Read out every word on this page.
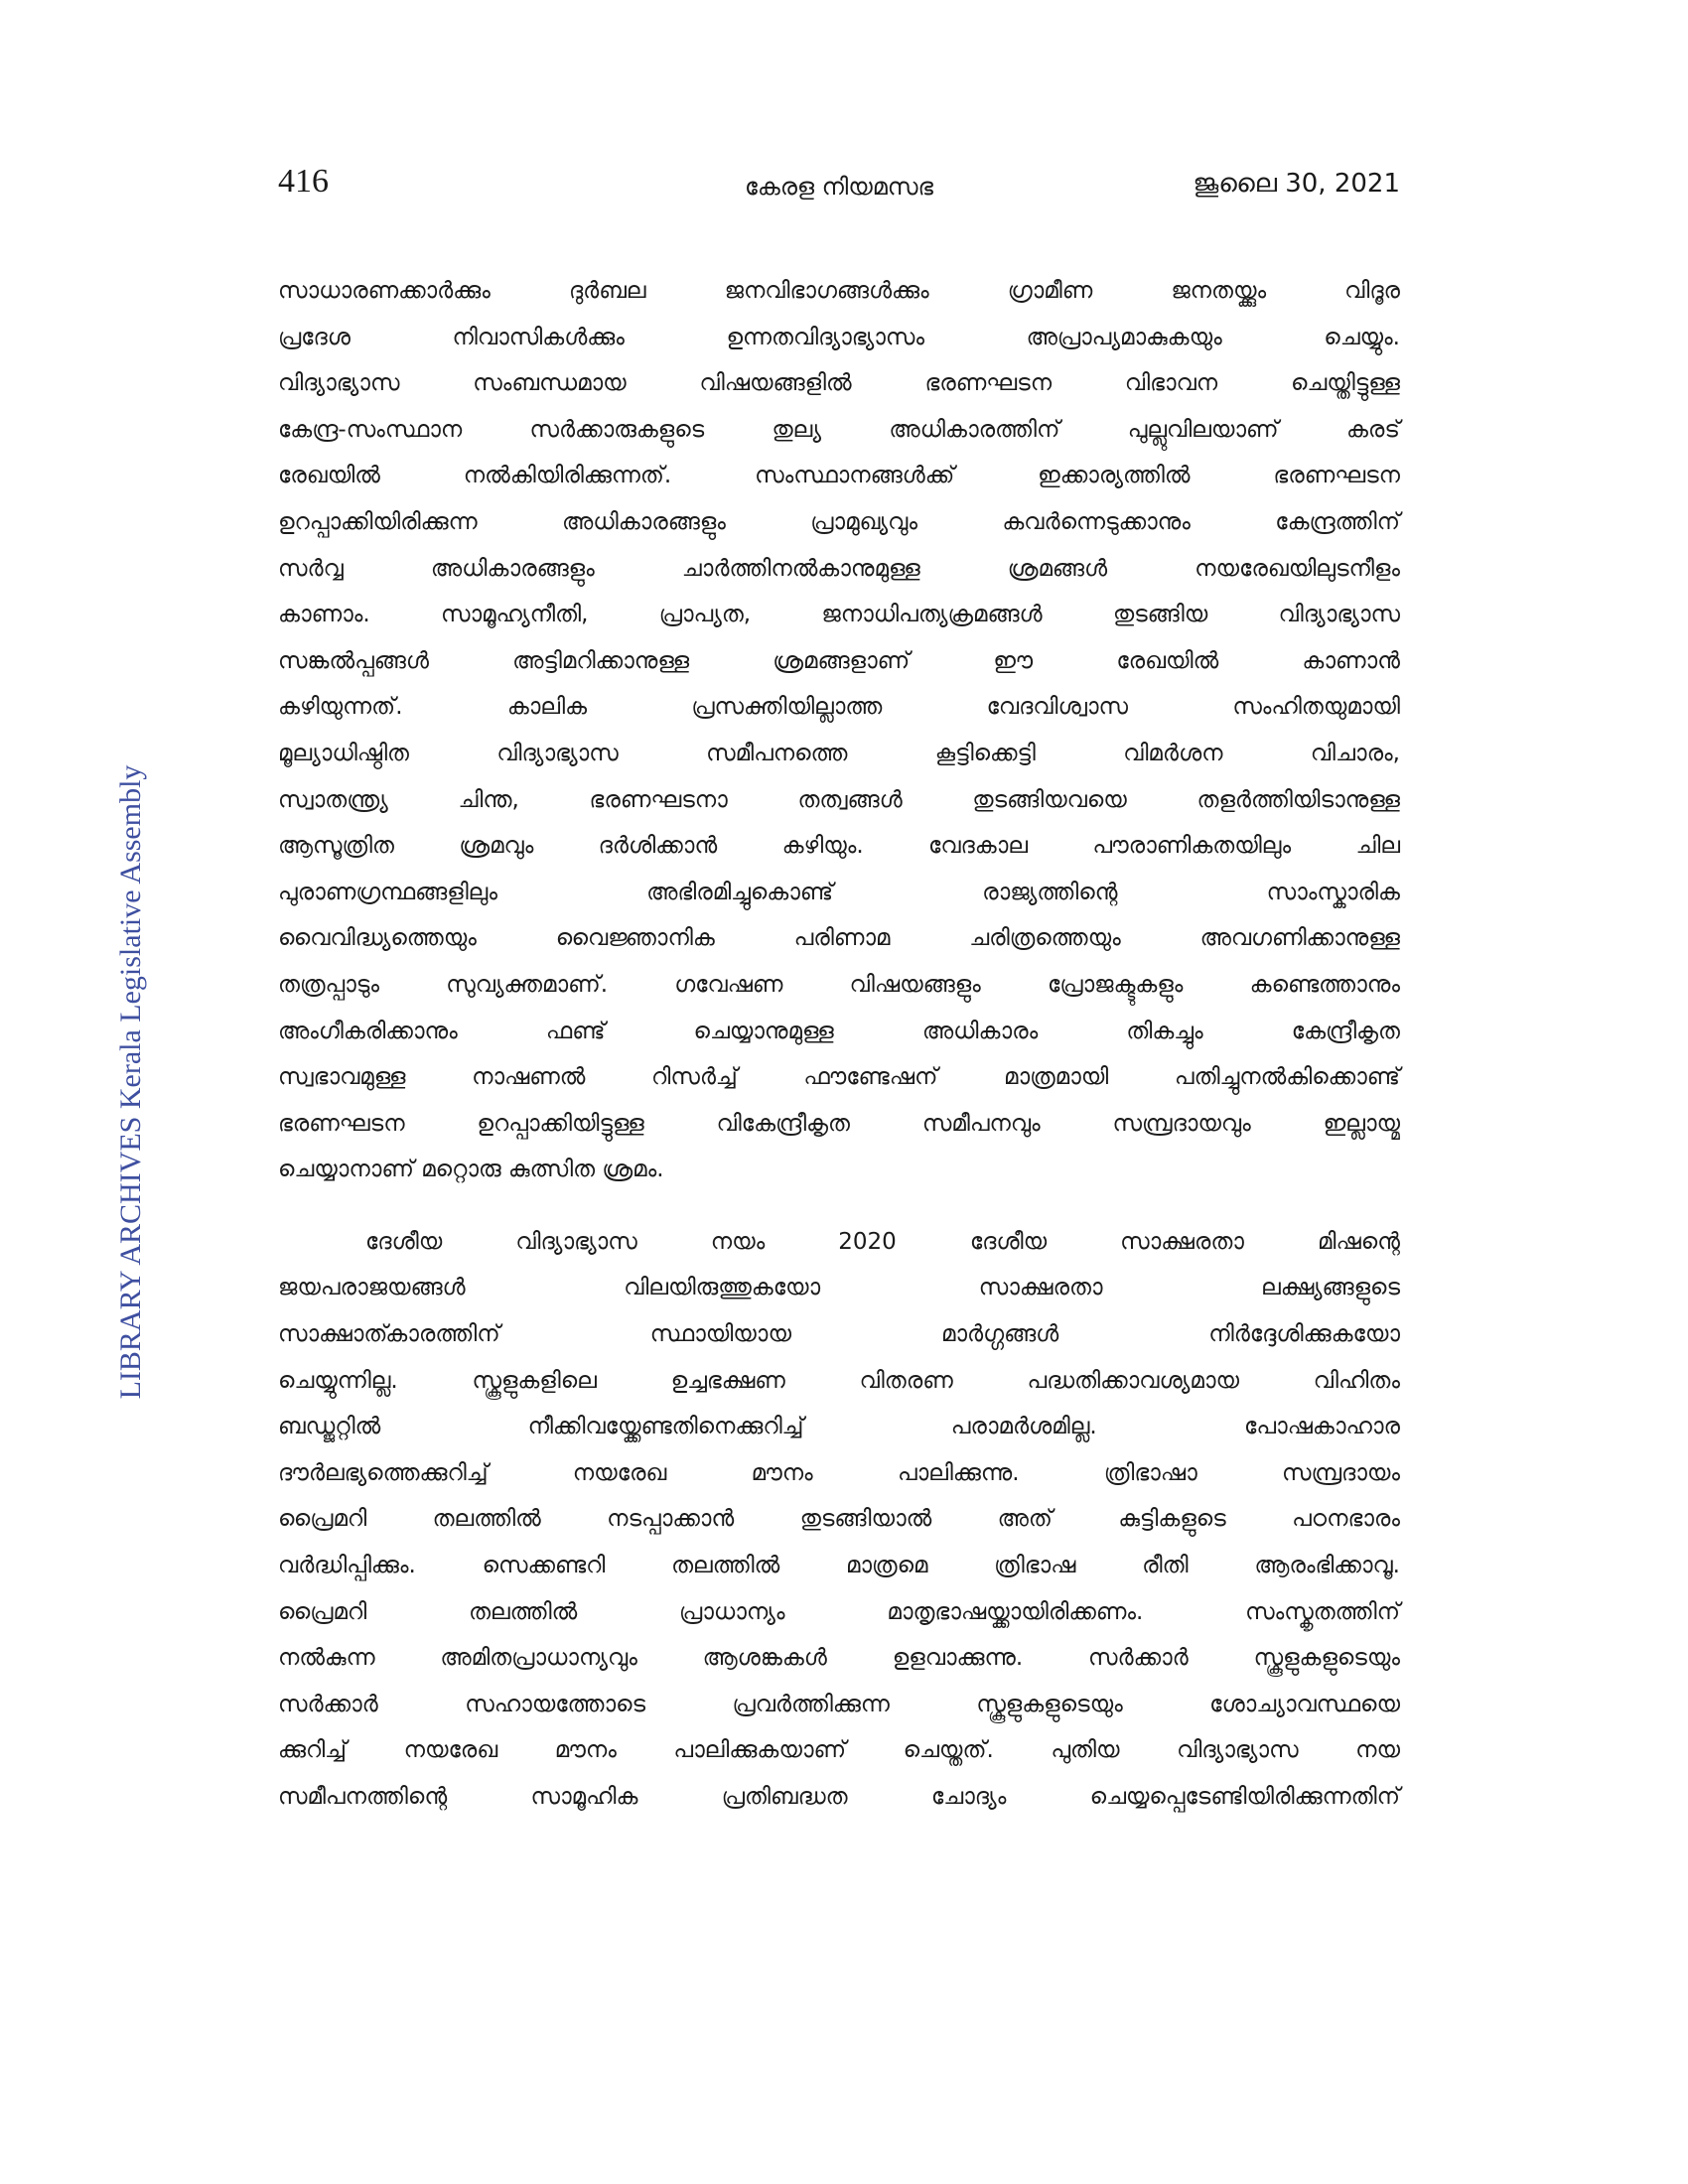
416	കേരള നിയമസഭ	ജൂലൈ 30, 2021
LIBRARY ARCHIVES Kerala Legislative Assembly
സാധാരണക്കാർക്കും ദുർബല ജനവിഭാഗങ്ങൾക്കും ഗ്രാമീണ ജനതയ്ക്കും വിദൂര
പ്രദേശ നിവാസികൾക്കും ഉന്നതവിദ്യാഭ്യാസം അപ്രാപ്യമാകുകയും ചെയ്യും.
വിദ്യാഭ്യാസ സംബന്ധമായ വിഷയങ്ങളിൽ ഭരണഘടന വിഭാവന ചെയ്തിട്ടുള്ള
കേന്ദ്ര-സംസ്ഥാന സർക്കാരുകളുടെ തുല്യ അധികാരത്തിന് പുല്ലുവിലയാണ് കരട്
രേഖയിൽ നൽകിയിരിക്കുന്നത്. സംസ്ഥാനങ്ങൾക്ക് ഇക്കാര്യത്തിൽ ഭരണഘടന
ഉറപ്പാക്കിയിരിക്കുന്ന അധികാരങ്ങളും പ്രാമുഖ്യവും കവർന്നെടുക്കാനും കേന്ദ്രത്തിന്
സർവ്വ അധികാരങ്ങളും ചാർത്തിനൽകാനുമുള്ള ശ്രമങ്ങൾ നയരേഖയിലുടനീളം
കാണാം. സാമൂഹ്യനീതി, പ്രാപ്യത, ജനാധിപത്യക്രമങ്ങൾ തുടങ്ങിയ വിദ്യാഭ്യാസ
സങ്കൽപ്പങ്ങൾ അട്ടിമറിക്കാനുള്ള ശ്രമങ്ങളാണ് ഈ രേഖയിൽ കാണാൻ
കഴിയുന്നത്. കാലിക പ്രസക്തിയില്ലാത്ത വേദവിശ്വാസ സംഹിതയുമായി
മൂല്യാധിഷ്ഠിത വിദ്യാഭ്യാസ സമീപനത്തെ കൂട്ടിക്കെട്ടി വിമർശന വിചാരം,
സ്വാതന്ത്ര്യ ചിന്ത, ഭരണഘടനാ തത്വങ്ങൾ തുടങ്ങിയവയെ തളർത്തിയിടാനുള്ള
ആസൂത്രിത ശ്രമവും ദർശിക്കാൻ കഴിയും. വേദകാല പൗരാണികതയിലും ചില
പുരാണഗ്രന്ഥങ്ങളിലും അഭിരമിച്ചുകൊണ്ട് രാജ്യത്തിന്റെ സാംസ്കാരിക
വൈവിദ്ധ്യത്തെയും വൈജ്ഞാനിക പരിണാമ ചരിത്രത്തെയും അവഗണിക്കാനുള്ള
തത്രപ്പാടും സുവ്യക്തമാണ്. ഗവേഷണ വിഷയങ്ങളും പ്രോജക്ടുകളും കണ്ടെത്താനും
അംഗീകരിക്കാനും ഫണ്ട് ചെയ്യാനുമുള്ള അധികാരം തികച്ചും കേന്ദ്രീകൃത
സ്വഭാവമുള്ള നാഷണൽ റിസർച്ച് ഫൗണ്ടേഷന് മാത്രമായി പതിച്ചുനൽകിക്കൊണ്ട്
ഭരണഘടന ഉറപ്പാക്കിയിട്ടുള്ള വികേന്ദ്രീകൃത സമീപനവും സമ്പ്രദായവും ഇല്ലായ്മ
ചെയ്യാനാണ് മറ്റൊരു കുത്സിത ശ്രമം.
ദേശീയ വിദ്യാഭ്യാസ നയം 2020 ദേശീയ സാക്ഷരതാ മിഷന്റെ
ജയപരാജയങ്ങൾ വിലയിരുത്തുകയോ സാക്ഷരതാ ലക്ഷ്യങ്ങളുടെ
സാക്ഷാത്കാരത്തിന് സ്ഥായിയായ മാർഗ്ഗങ്ങൾ നിർദ്ദേശിക്കുകയോ
ചെയ്യുന്നില്ല. സ്കൂളുകളിലെ ഉച്ചഭക്ഷണ വിതരണ പദ്ധതിക്കാവശ്യമായ വിഹിതം
ബഡ്ജറ്റിൽ നീക്കിവയ്ക്കേണ്ടതിനെക്കുറിച്ച് പരാമർശമില്ല. പോഷകാഹാര
ദൗർലഭ്യത്തെക്കുറിച്ച് നയരേഖ മൗനം പാലിക്കുന്നു. ത്രിഭാഷാ സമ്പ്രദായം
പ്രൈമറി തലത്തിൽ നടപ്പാക്കാൻ തുടങ്ങിയാൽ അത് കുട്ടികളുടെ പഠനഭാരം
വർദ്ധിപ്പിക്കും. സെക്കണ്ടറി തലത്തിൽ മാത്രമെ ത്രിഭാഷ രീതി ആരംഭിക്കാവൂ.
പ്രൈമറി തലത്തിൽ പ്രാധാന്യം മാതൃഭാഷയ്ക്കായിരിക്കണം. സംസ്കൃതത്തിന്
നൽകുന്ന അമിതപ്രാധാന്യവും ആശങ്കകൾ ഉളവാക്കുന്നു. സർക്കാർ സ്കൂളുകളുടെയും
സർക്കാർ സഹായത്തോടെ പ്രവർത്തിക്കുന്ന സ്കൂളുകളുടെയും ശോച്യാവസ്ഥയെ
ക്കുറിച്ച് നയരേഖ മൗനം പാലിക്കുകയാണ് ചെയ്തത്. പുതിയ വിദ്യാഭ്യാസ നയ
സമീപനത്തിന്റെ സാമൂഹിക പ്രതിബദ്ധത ചോദ്യം ചെയ്യപ്പെടേണ്ടിയിരിക്കുന്നതിന്
